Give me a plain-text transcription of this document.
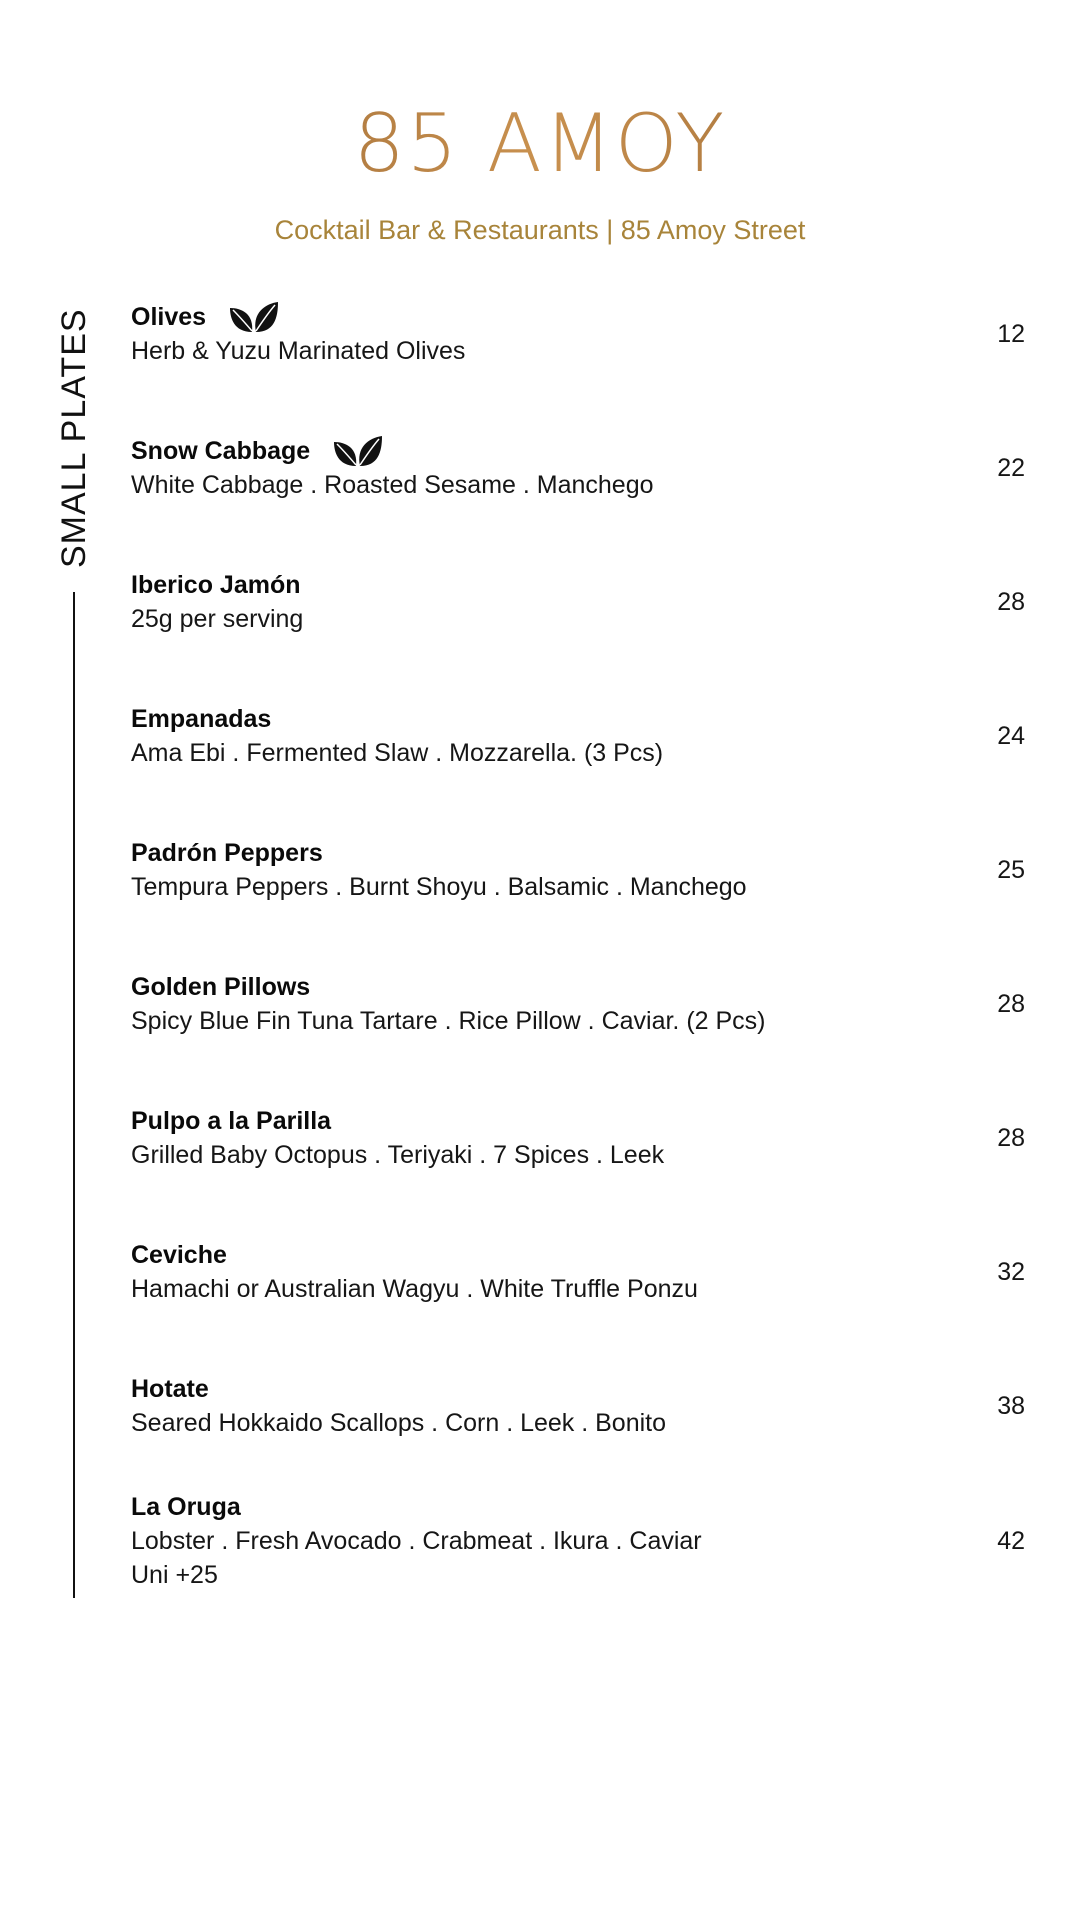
85 AMOY
Cocktail Bar & Restaurants | 85 Amoy Street
SMALL PLATES Olives
Herb & Yuzu Marinated Olives
12
Snow Cabbage
White Cabbage . Roasted Sesame . Manchego
22
Iberico Jamón
25g per serving
28
Empanadas
Ama Ebi . Fermented Slaw . Mozzarella. (3 Pcs)
24
Padrón Peppers
Tempura Peppers . Burnt Shoyu . Balsamic . Manchego
25
Golden Pillows
Spicy Blue Fin Tuna Tartare . Rice Pillow . Caviar. (2 Pcs)
28
Pulpo a la Parilla
Grilled Baby Octopus . Teriyaki . 7 Spices . Leek
28
Ceviche
Hamachi or Australian Wagyu . White Truffle Ponzu
32
Hotate
Seared Hokkaido Scallops . Corn . Leek . Bonito
38
La Oruga
Lobster . Fresh Avocado . Crabmeat . Ikura . Caviar
Uni +25
42
